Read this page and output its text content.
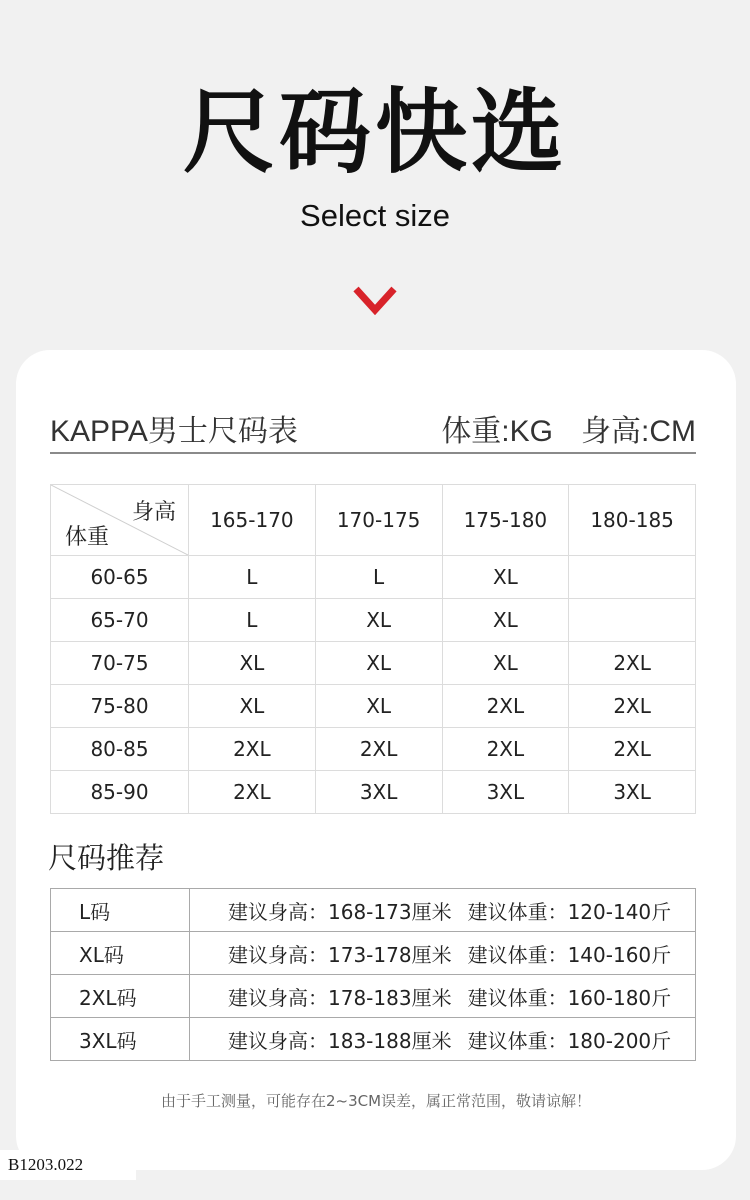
尺码快选
Select size
KAPPA男士尺码表	体重:KG 身高:CM
身高
体重	165-170	170-175	175-180	180-185
60-65	L	L	XL	
65-70	L	XL	XL	
70-75	XL	XL	XL	2XL
75-80	XL	XL	2XL	2XL
80-85	2XL	2XL	2XL	2XL
85-90	2XL	3XL	3XL	3XL
尺码推荐
L码	建议身高：168-173厘米 建议体重：120-140斤
XL码	建议身高：173-178厘米 建议体重：140-160斤
2XL码	建议身高：178-183厘米 建议体重：160-180斤
3XL码	建议身高：183-188厘米 建议体重：180-200斤
由于手工测量，可能存在2~3CM误差，属正常范围，敬请谅解！
B1203.022
